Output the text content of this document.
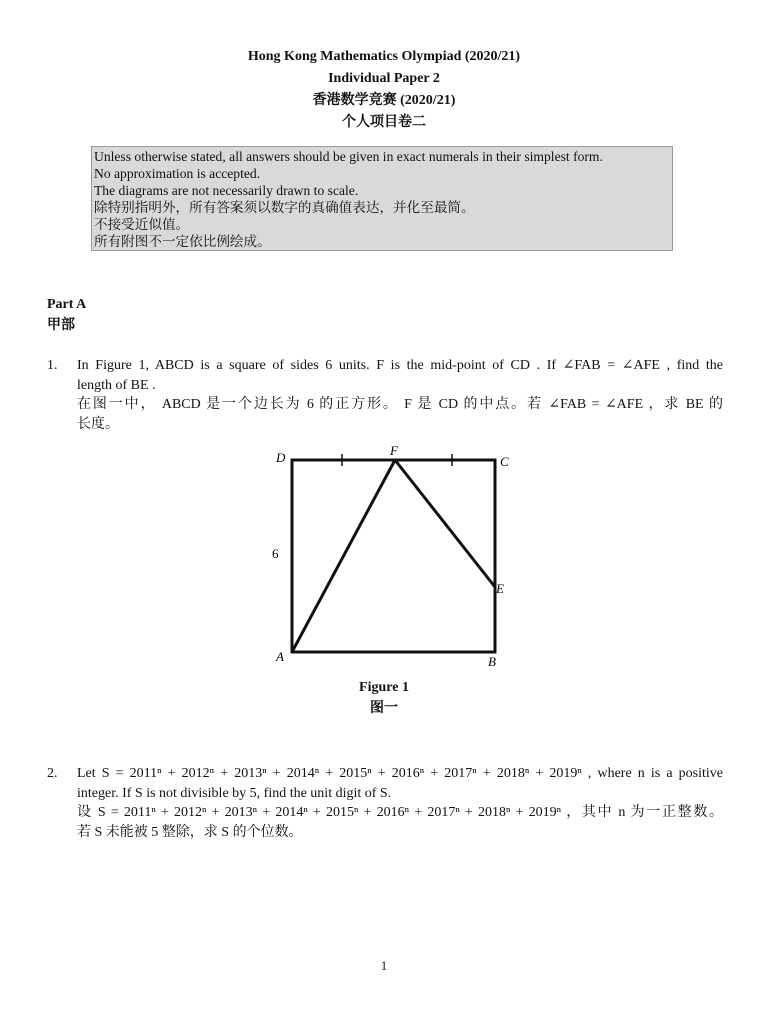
Hong Kong Mathematics Olympiad (2020/21)
Individual Paper 2
香港数学竞赛 (2020/21)
个人项目卷二
Unless otherwise stated, all answers should be given in exact numerals in their simplest form.
No approximation is accepted.
The diagrams are not necessarily drawn to scale.
除特别指明外，所有答案须以数字的真确值表达，并化至最简。
不接受近似值。
所有附图不一定依比例绘成。
Part A
甲部
1. In Figure 1, ABCD is a square of sides 6 units. F is the mid-point of CD . If ∠FAB = ∠AFE , find the
length of BE .
在图一中， ABCD 是一个边长为 6 的正方形。 F 是 CD 的中点。若 ∠FAB = ∠AFE ，求 BE 的
长度。
D	F
C
E
A	B
6
Figure 1
图一
2. Let S = 2011ⁿ + 2012ⁿ + 2013ⁿ + 2014ⁿ + 2015ⁿ + 2016ⁿ + 2017ⁿ + 2018ⁿ + 2019ⁿ , where n is a positive
integer. If S is not divisible by 5, find the unit digit of S.
设 S = 2011ⁿ + 2012ⁿ + 2013ⁿ + 2014ⁿ + 2015ⁿ + 2016ⁿ + 2017ⁿ + 2018ⁿ + 2019ⁿ ，其中 n 为一正整数。
若 S 未能被 5 整除，求 S 的个位数。
1
